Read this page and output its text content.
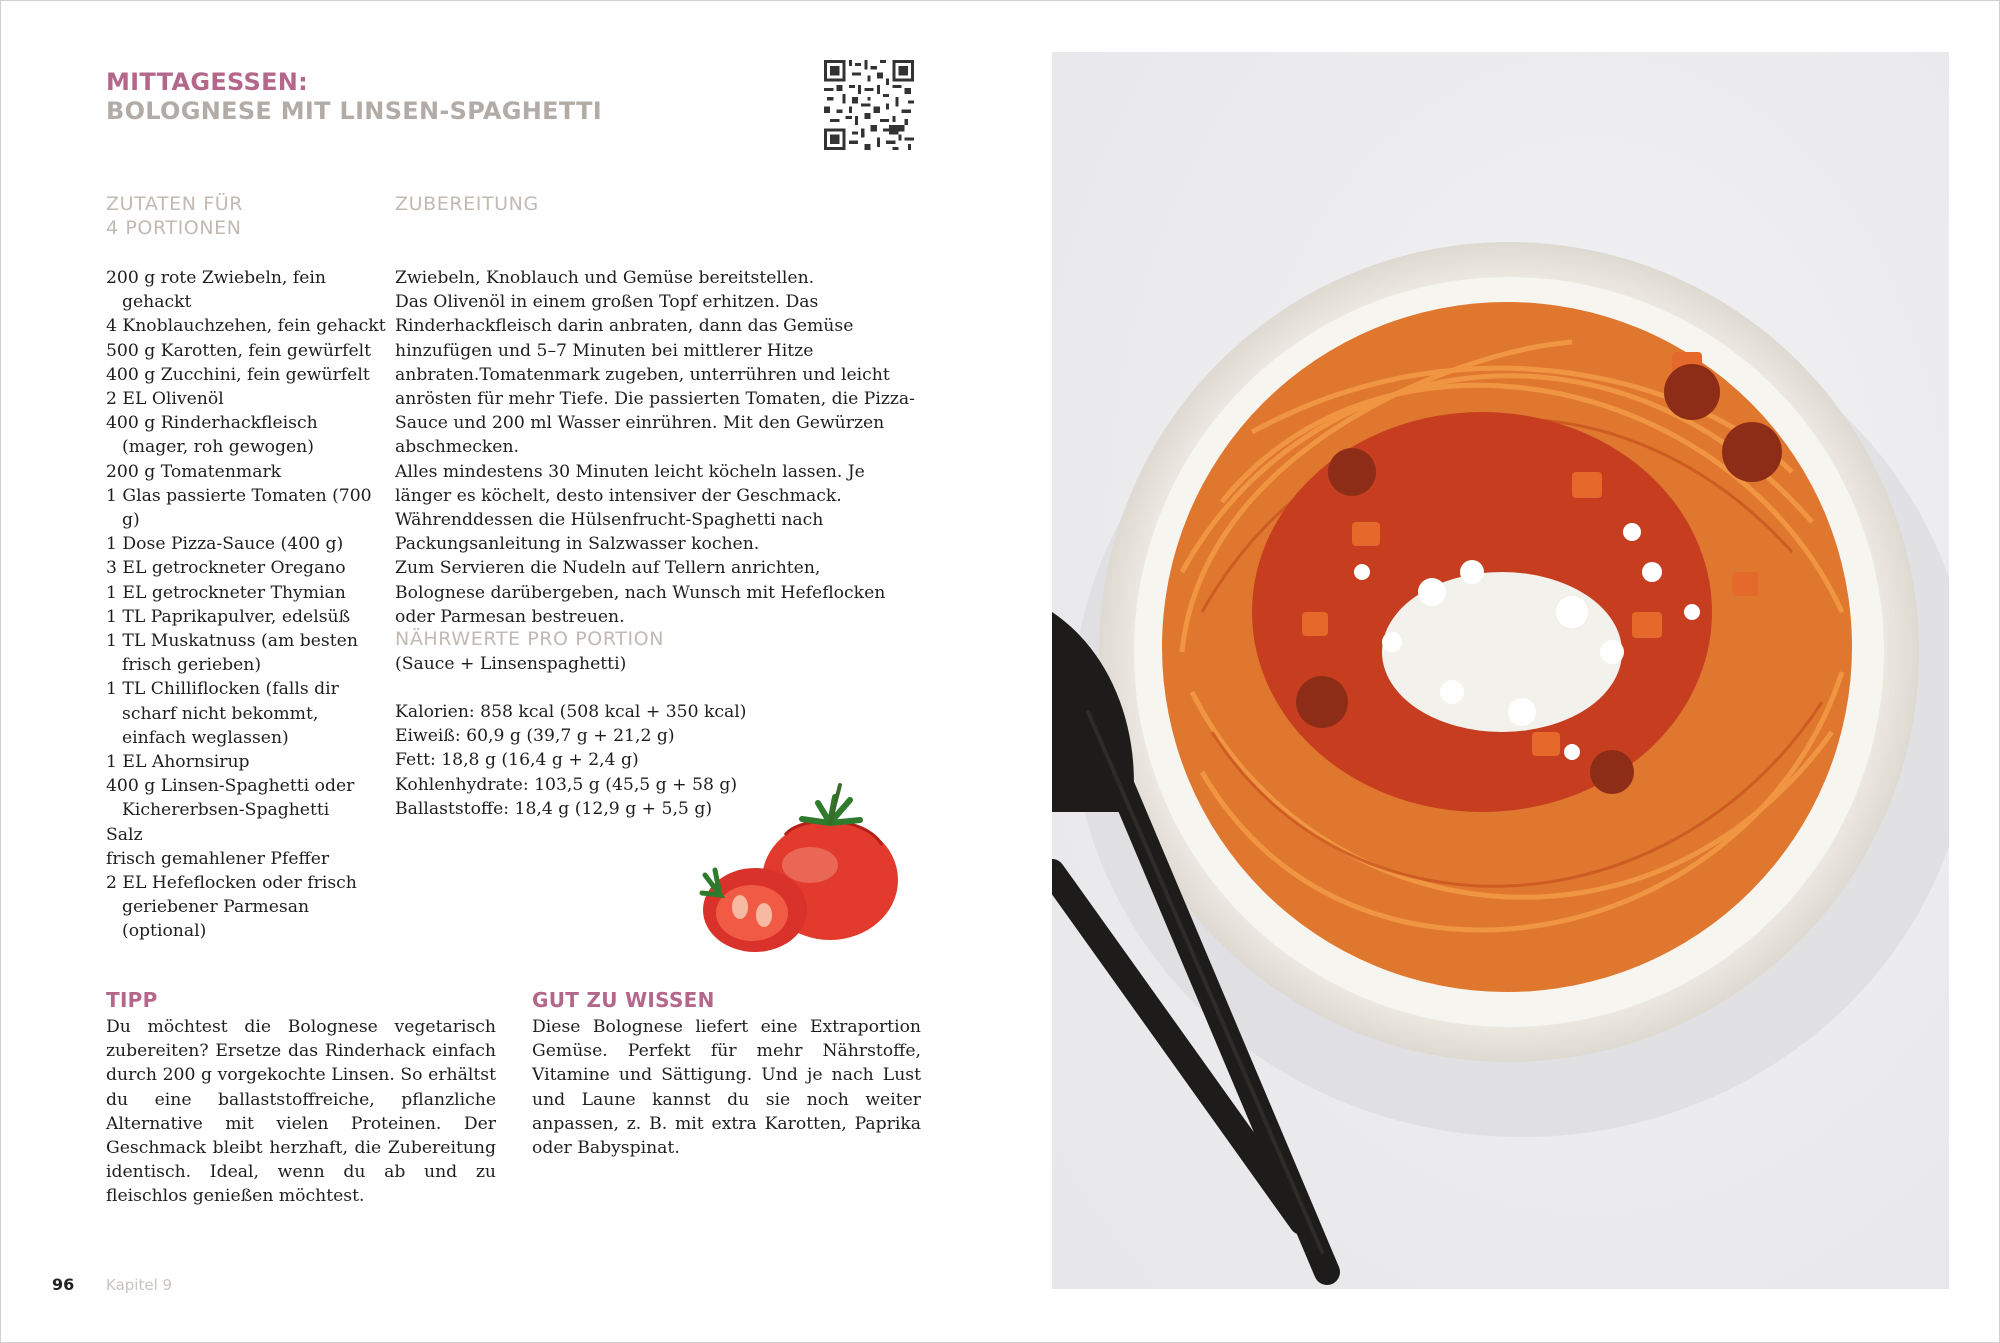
MITTAGESSEN:
BOLOGNESE MIT LINSEN-SPAGHETTI
ZUTATEN FÜR
4 PORTIONEN
200 g rote Zwiebeln, fein gehackt
4 Knoblauchzehen, fein gehackt
500 g Karotten, fein gewürfelt
400 g Zucchini, fein gewürfelt
2 EL Olivenöl
400 g Rinderhackfleisch (mager, roh gewogen)
200 g Tomatenmark
1 Glas passierte Tomaten (700 g)
1 Dose Pizza-Sauce (400 g)
3 EL getrockneter Oregano
1 EL getrockneter Thymian
1 TL Paprikapulver, edelsüß
1 TL Muskatnuss (am besten frisch gerieben)
1 TL Chilliflocken (falls dir scharf nicht bekommt, einfach weglassen)
1 EL Ahornsirup
400 g Linsen-Spaghetti oder Kichererbsen-Spaghetti
Salz
frisch gemahlener Pfeffer
2 EL Hefeflocken oder frisch geriebener Parmesan (optional)
ZUBEREITUNG

Zwiebeln, Knoblauch und Gemüse bereitstellen.

Das Olivenöl in einem großen Topf erhitzen. Das Rinderhackfleisch darin anbraten, dann das Gemüse hinzufügen und 5–7 Minuten bei mittlerer Hitze anbraten.Tomatenmark zugeben, unterrühren und leicht anrösten für mehr Tiefe. Die passierten Tomaten, die Pizza-Sauce und 200 ml Wasser einrühren. Mit den Gewürzen abschmecken.

Alles mindestens 30 Minuten leicht köcheln lassen. Je länger es köchelt, desto intensiver der Geschmack.

Währenddessen die Hülsenfrucht-Spaghetti nach Packungsanleitung in Salzwasser kochen.

Zum Servieren die Nudeln auf Tellern anrichten, Bolognese darübergeben, nach Wunsch mit Hefeflocken oder Parmesan bestreuen.

NÄHRWERTE PRO PORTION
(Sauce + Linsenspaghetti)
Kalorien: 858 kcal (508 kcal + 350 kcal)
Eiweiß: 60,9 g (39,7 g + 21,2 g)
Fett: 18,8 g (16,4 g + 2,4 g)
Kohlenhydrate: 103,5 g (45,5 g + 58 g)
Ballaststoffe: 18,4 g (12,9 g + 5,5 g)
TIPP

Du möchtest die Bolognese vegetarisch zubereiten? Ersetze das Rinderhack einfach durch 200 g vorgekochte Linsen. So erhältst du eine ballaststoffreiche, pflanzliche Alternative mit vielen Proteinen. Der Geschmack bleibt herzhaft, die Zubereitung identisch. Ideal, wenn du ab und zu fleischlos genießen möchtest.

GUT ZU WISSEN

Diese Bolognese liefert eine Extraportion Gemüse. Perfekt für mehr Nährstoffe, Vitamine und Sättigung. Und je nach Lust und Laune kannst du sie noch weiter anpassen, z. B. mit extra Karotten, Paprika oder Babyspinat.

96 Kapitel 9
